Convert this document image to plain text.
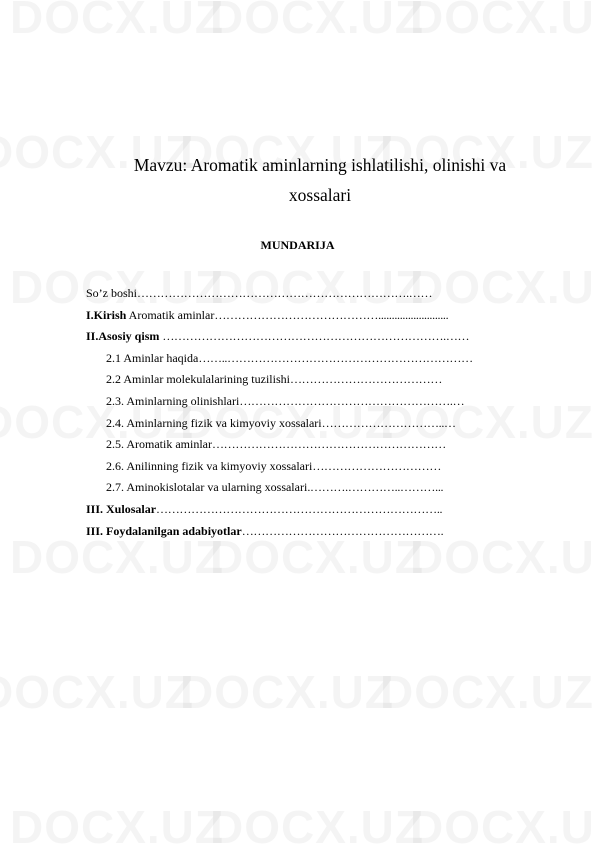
Mavzu: Aromatik aminlarning ishlatilishi, olinishi va
xossalari
MUNDARIJA
So’z boshi…………………………………………………………….……
I.Kirish Aromatik aminlar……………………………………..........................
II.Asosiy qism ……………………………………………………………….……
2.1 Aminlar haqida……..………………………………………………………
2.2 Aminlar molekulalarining tuzilishi…………………………………
2.3. Aminlarning olinishlari……………………………………………….…
2.4. Aminlarning fizik va kimyoviy xossalari…………………………..…
2.5. Aromatik aminlar……………………………………………………
2.6. Anilinning fizik va kimyoviy xossalari……………………………
2.7. Aminokislotalar va ularning xossalari.……….…………..………...
III. Xulosalar………………………………………………………………..
III. Foydalanilgan adabiyotlar…………………………………………….
